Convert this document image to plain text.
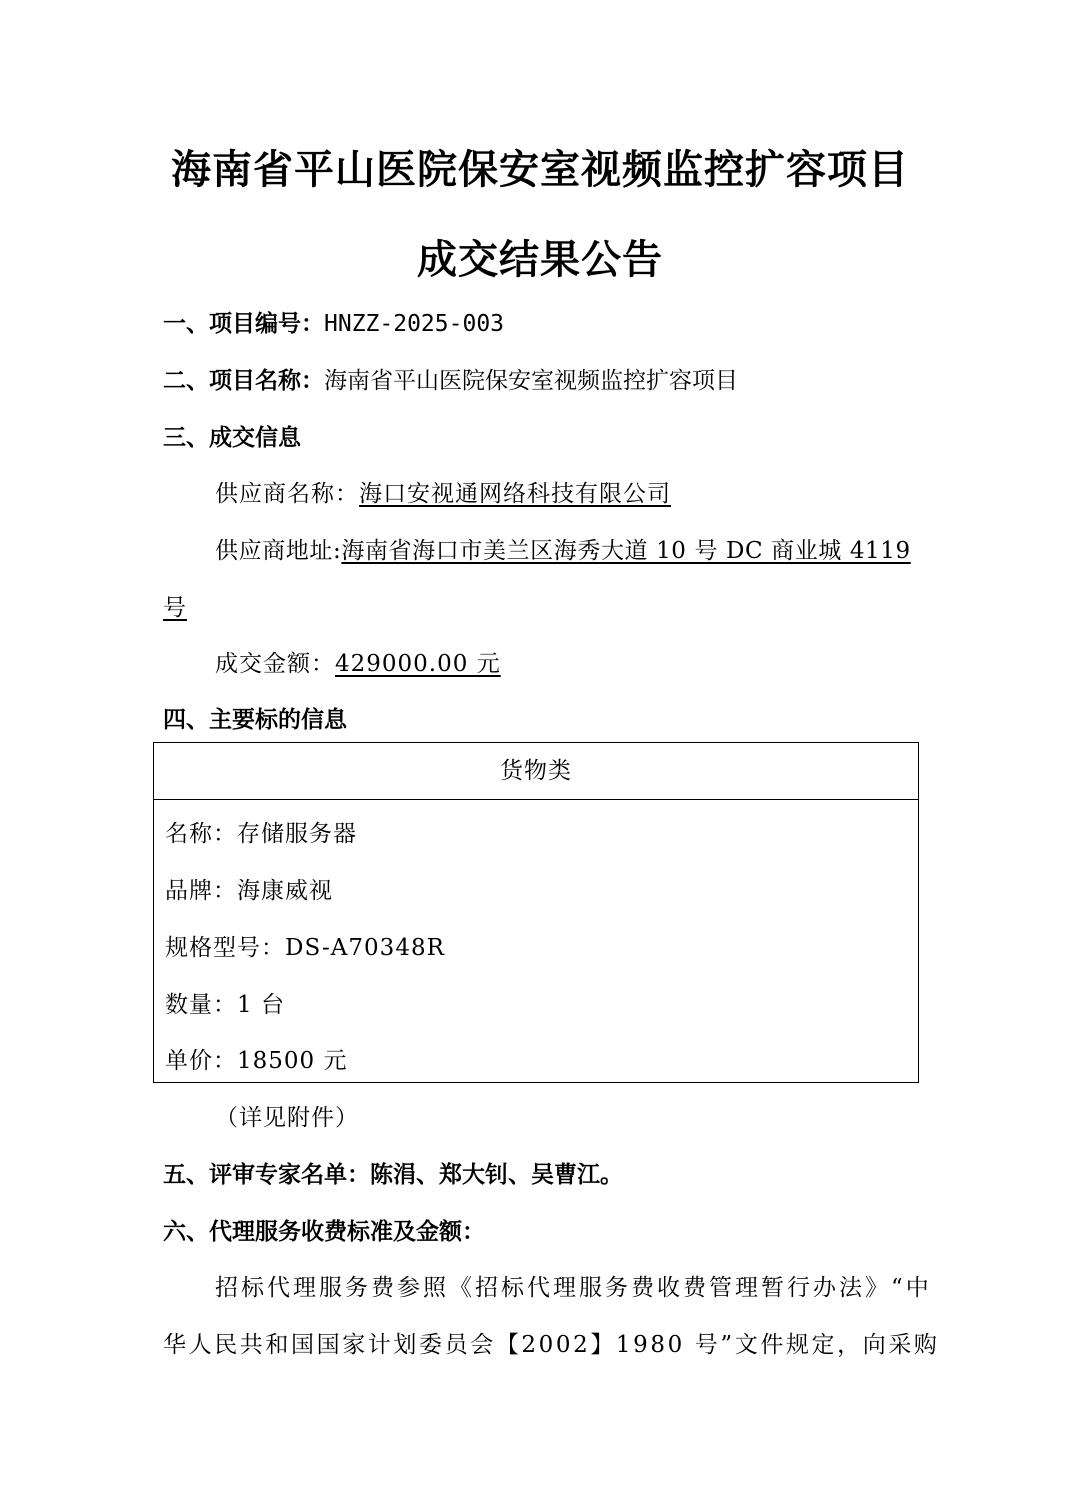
海南省平山医院保安室视频监控扩容项目
成交结果公告
一、项目编号：HNZZ-2025-003
二、项目名称：海南省平山医院保安室视频监控扩容项目
三、成交信息
供应商名称：海口安视通网络科技有限公司
供应商地址:海南省海口市美兰区海秀大道 10 号 DC 商业城 4119
号
成交金额：429000.00 元
四、主要标的信息
货物类
名称：存储服务器
品牌：海康威视
规格型号：DS-A70348R
数量：1 台
单价：18500 元
（详见附件）
五、评审专家名单：陈涓、郑大钊、吴曹江。
六、代理服务收费标准及金额：
招标代理服务费参照《招标代理服务费收费管理暂行办法》“中
华人民共和国国家计划委员会【2002】1980 号”文件规定，向采购
